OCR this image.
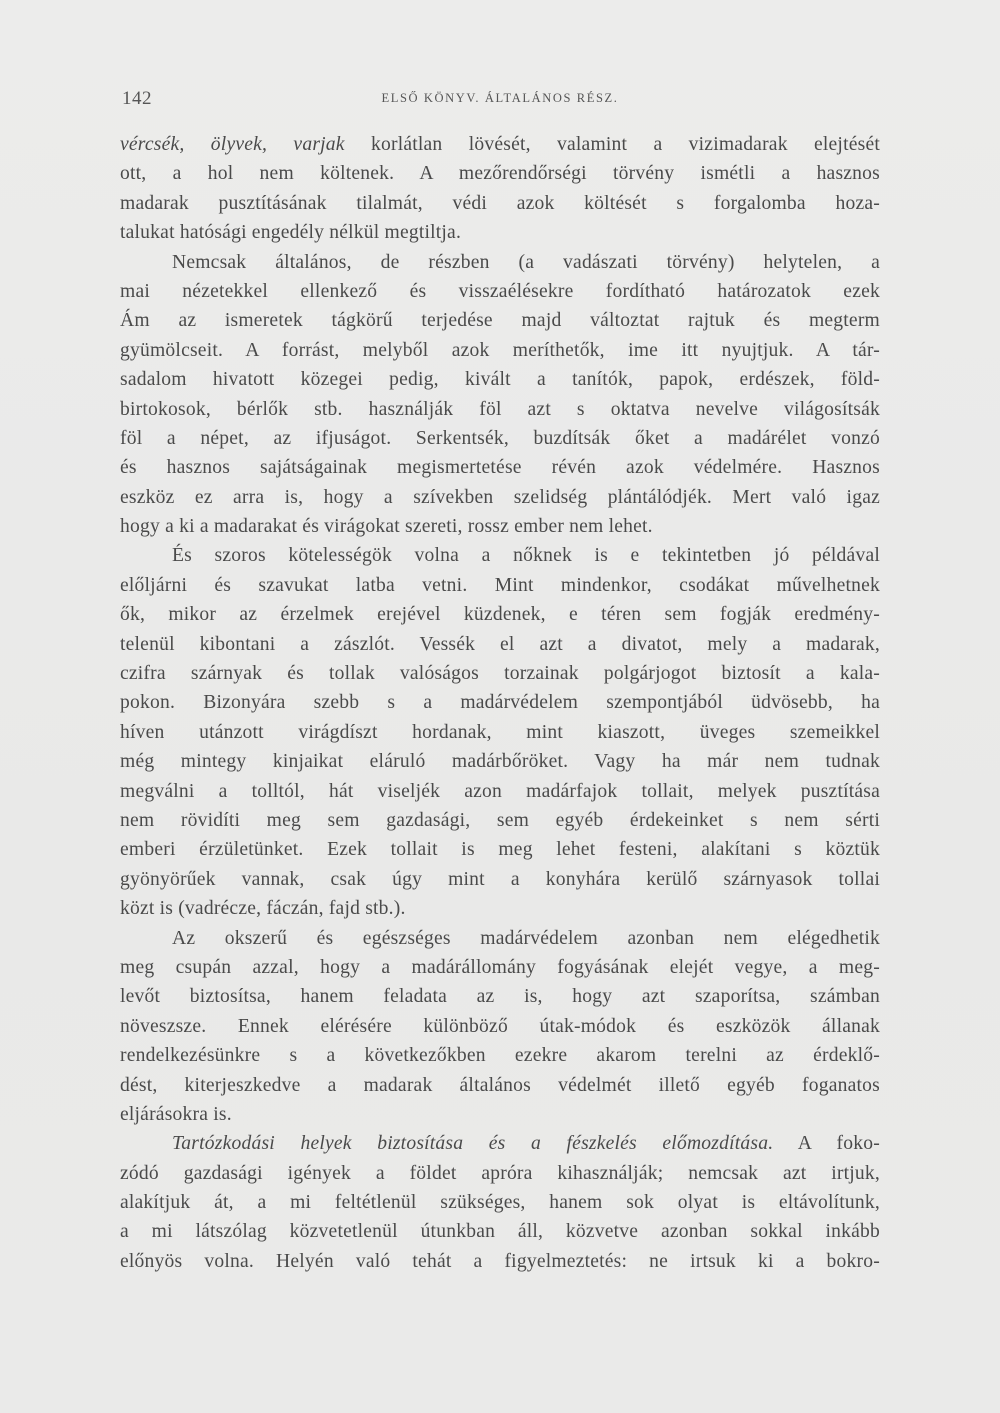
142	ELSŐ KÖNYV. ÁLTALÁNOS RÉSZ.
vércsék, ölyvek, varjak korlátlan lövését, valamint a vizimadarak elejtését
ott, a hol nem költenek. A mezőrendőrségi törvény ismétli a hasznos
madarak pusztításának tilalmát, védi azok költését s forgalomba hoza-
talukat hatósági engedély nélkül megtiltja.
Nemcsak általános, de részben (a vadászati törvény) helytelen, a
mai nézetekkel ellenkező és visszaélésekre fordítható határozatok ezek
Ám az ismeretek tágkörű terjedése majd változtat rajtuk és megterm
gyümölcseit. A forrást, melyből azok meríthetők, ime itt nyujtjuk. A tár-
sadalom hivatott közegei pedig, kivált a tanítók, papok, erdészek, föld-
birtokosok, bérlők stb. használják föl azt s oktatva nevelve világosítsák
föl a népet, az ifjuságot. Serkentsék, buzdítsák őket a madárélet vonzó
és hasznos sajátságainak megismertetése révén azok védelmére. Hasznos
eszköz ez arra is, hogy a szívekben szelidség plántálódjék. Mert való igaz
hogy a ki a madarakat és virágokat szereti, rossz ember nem lehet.
És szoros kötelességök volna a nőknek is e tekintetben jó példával
előljárni és szavukat latba vetni. Mint mindenkor, csodákat művelhetnek
ők, mikor az érzelmek erejével küzdenek, e téren sem fogják eredmény-
telenül kibontani a zászlót. Vessék el azt a divatot, mely a madarak,
czifra szárnyak és tollak valóságos torzainak polgárjogot biztosít a kala-
pokon. Bizonyára szebb s a madárvédelem szempontjából üdvösebb, ha
híven utánzott virágdíszt hordanak, mint kiaszott, üveges szemeikkel
még mintegy kinjaikat eláruló madárbőröket. Vagy ha már nem tudnak
megválni a tolltól, hát viseljék azon madárfajok tollait, melyek pusztítása
nem rövidíti meg sem gazdasági, sem egyéb érdekeinket s nem sérti
emberi érzületünket. Ezek tollait is meg lehet festeni, alakítani s köztük
gyönyörűek vannak, csak úgy mint a konyhára kerülő szárnyasok tollai
közt is (vadrécze, fáczán, fajd stb.).
Az okszerű és egészséges madárvédelem azonban nem elégedhetik
meg csupán azzal, hogy a madárállomány fogyásának elejét vegye, a meg-
levőt biztosítsa, hanem feladata az is, hogy azt szaporítsa, számban
növeszsze. Ennek elérésére különböző útak-módok és eszközök állanak
rendelkezésünkre s a következőkben ezekre akarom terelni az érdeklő-
dést, kiterjeszkedve a madarak általános védelmét illető egyéb foganatos
eljárásokra is.
Tartózkodási helyek biztosítása és a fészkelés előmozdítása. A foko-
zódó gazdasági igények a földet apróra kihasználják; nemcsak azt irtjuk,
alakítjuk át, a mi feltétlenül szükséges, hanem sok olyat is eltávolítunk,
a mi látszólag közvetetlenül útunkban áll, közvetve azonban sokkal inkább
előnyös volna. Helyén való tehát a figyelmeztetés: ne irtsuk ki a bokro-
